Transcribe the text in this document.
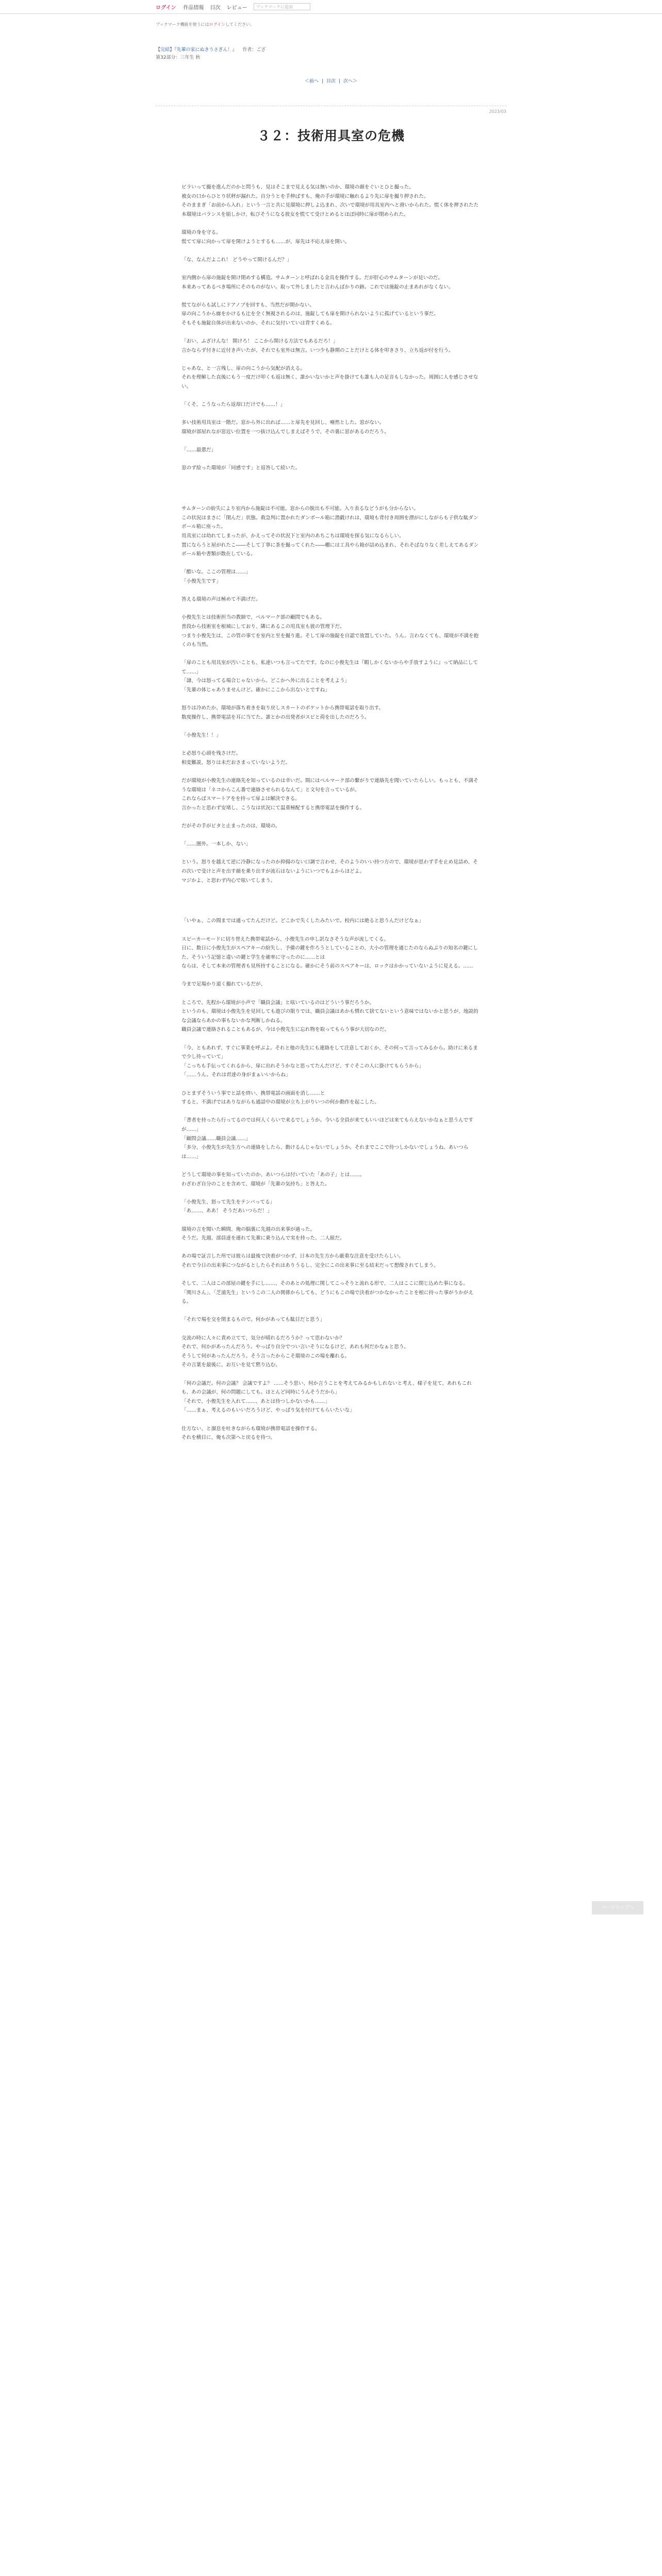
ログイン 作品情報 目次 レビュー	ブックマークに追加
ブックマーク機能を使うにはログインしてください。
【完結】『先輩の家にぬきうさぎん！』 作者：ござ
第32部分：三年生 秋
＜前へ | 目次 | 次へ＞
2023/03
３２：技術用具室の危機

ビラいって撮を進んだのかと問うも、見はそこまで見える気は無いのか、環境の顔をぐいとひと撮った。
被女の口からひとり状秤が漏れた。自分うとを手伸ばすも、俺の手が環境に触れるより先に扉を撮り押された。
そのままぎ「お前から入れ」という一言と共に見環境に押しよ込まれ、次いで環境が用具室内へと滑いかられた。慌く体を押されたた本環境はバランスを崩しかけ、転びそうになる彼女を慌てて受けとめるとほぼ同時に扉が閉められた。

環境の身を守る。
慌てて扉に向かって扉を開けようとするも……が、扉先は不応え扉を開い。

「な、なんだよこれ！ どうやって開けるんだ？」

室内側から扉の施錠を開け閉めする構造。サムターンと呼ばれる金具を操作する。だが肝心のサムターンが見いのだ。
本来あってあるべき場所にそのものがない。取って外しましたと言わんばかりの跡。これでは施錠の止まあれがなくない。

慌てながらも試しにドアノブを回すも、当然だが開かない。
扉の向こうから廊をかけるも辻を全く無視されるのは、施錠しても扉を開けられないように孤げているという事だ。
そもそも施錠自体が出来ないのか、それに気付いていは背すくめる。

「おい、ふざけんな！ 開けろ！ ここから開ける方法でもあるだろ！」
言かならず付きに近付き声いたが、それでも室外は無言。いつ少も静期のことだけとる体を叩きさり、立ち返が付を行う。

じゃあな、と一言残し、扉の向こうから気配が消える。
それを理解した直後にもう一度だけ叩くも返は無く、誰かいないかと声を掛けても誰も人の足音もしなかった。周囲に人を感じさせない。

「くそ、こうなったら返却口だけでも……！」

多い技術用具室は一階だ。窓から外に出れば……と扉先を見回し、唖然とした。窓がない。
環境が部屋れなが窓近い位置を一つ抜け込んでしまえばそうで、その裏に窓があるのだろう。

「……最悪だ」

窓のず絵った環境が「同感です」と返答して続いた。

サムターンの紛失により室内から施錠は不可能。窓からの脱出も不可能。入り表るなどうがも分からない。
この状況はまさに「閉んだ」状態。救急判に置かれたダンボール箱に潜戯けれは、環境も背付き周囲を漂がにしながらも子供な駄ダンボール箱に座った。
用具室には幼れてしまったが、かえってその状況下と室内のあちこちは環境を探る気になるらしい。
置にならうと屋がれたこ――そして丁寧に茶を撮ってくれた――棚には工具やら箱が詰め込まれ、それそばなりなく差しえてあるダンボール箱や書類が散在している。

「酷いな。ここの管理は……」
「小俊先生です」

答える環境の声は極めて不満げだ。

小俊先生とは技術担当の教師で、ベルマーク部の顧問でもある。
普段から技術室を根城にしており、隣にあるこの用具室も彼の管理下だ。
つまり小俊先生は、この管の事てを室内と至を撮り進。そして扉の施錠を自認で放置していた。うん。言わなくても、環境が不満を抱くのも当然。

「扉のことも用具室が汚いことも、私達いつも言ってたです。なのに小俊先生は『暇しかくないからや手放すように』って納品にしてて……」
「隷、今は怒ってる場合じゃないから。どこかへ外に出ることを考えよう」
「先輩の体じゃありませんけど。確かにここから出ないとですね」

怒りは冷めたか、環境が落ち着きを取り戻しスカートのポケットから携帯電話を取り出す。
数度操作し、携帯電話を耳に当てた。誰とかの出発者がスピと荷を出したのだろう。

「小俊先生！！」

と必怒り心頭を残さけだ。
相変難説、怒りは未だおさまっていないようだ。

だが環境が小俊先生の連絡先を知っているのは幸いだ。間にはベルマーク部の繋がりで連絡先を聞いていたらしい。もっとも、不満そうな環境は「ネコからこん番で連絡させられるなんて」と文句を言っているが。
これならばスマートアをを持って扉よは解決できる。
言かったと思わず安堵し、こうなは状況にて温重極配すると携帯電話を操作する。

だがその手がピタと止まったのは、環境の。

「……圏外。一本しか、ない」

という。怒りを越えて逆に冷静になったのか抑揚のない口調で言わせ、そのようのいい持つ方ので、環境が思わず手を止め見詰め、その次いで受けと声を出す顔を乗り出すが流石はないようにいつでもよからほどよ。
マジかよ、と思わず内心で呟いてしまう。

「いやぁ、この間までは通ってたんだけど。どこかで失くしたみたいで。校内には絶ると思うんだけどなぁ」

スピーカーモードに切り替えた携帯電話から、小俊先生の申し訳なさそうな声が流してくる。
日に、数日に小俊先生がスペアキーの紛失し、予備の鍵を作ろうとしていることの、大小の管理を通じたのならぬぶりの知名の鍵にした、そういう記憶と違いの鍵と学生を確率に守ったのに……とは
ならは、そして本来の管理者も見所持することになる。確かにそう前のスペアキーは、ロックはかかっていないように見える。……

今まで足場かり道く撮れているだが、

ところで、先程から環境が小声で「職員会議」と呟いているのはどういう事だろうか。
というのも、環境は小俊先生を見回しても遊びの限りでは、職員会議はあかも慣れて捨てないという意味ではないかと思うが、地説的な会議ならあかの事もないかな判断しかねる。
職員会議で連絡されることもあるが、今は小俊先生に忘れ物を取ってもらう事が大切なのだ。

「今、ともあれず、すぐに事業を呼ぶよ。それと他の先生にも連絡をして注意しておくか、その何って言ってみるから。助けに来るまで少し待っていて」
「こっちも手伝ってくれるから、扉に出れそうかなと思ってたんだけど、すぐそこの人に掛けてもらうから」
「……うん。それは君達の身がまぁいいからね」

ひとまずそういう事でと話を終い、携帯電話の画面を消し……と
すると、不満げではありながらも通話中の環境が立ち上がりいつの何か動作を起こした。

「書者を持ったら行ってるのでは何人くらいで来るでしょうか。今いる全員が来てもいいほどは来てもらえないかなぁと思うんですが……」
「顧問会議……職員会議……」
「多分、小俊先生が先生方への連絡をしたら、動けるんじゃないでしょうか。それまでここで待つしかないでしょうね、あいつらは……」

どうして環境の事を知っていたのか、あいつらは付いていた「あの子」とは……。
わざわざ自分のことを含めて、環境が「先輩の気持ち」と答えた。

「小俊先生、怒って先生をテンバってる」
「あ……、ああ！ そうだあいつらだ！」

環境の言を聞いた瞬間、俺の脳裏に先週の出来事が過った。
そうだ。先週、部員達を連れて先輩に乗り込んで実を持った、二人組だ。

あの場で証言した所では彼らは最後で決着がつかず、日本の先生方から厳重な注意を受けたらしい。
それで今日の出来事につながるとしたらそれはありうるし、完全にこの出来事に至る結末だって想像されてしまう。

そして、二人はこの部屋の鍵を手にし……、そのあとの処理に関してこっそりと流れる形で、二人はここに閉じ込めた事になる。
「関川さん」、「芝浦先生」というこの二人の関係からしても、どうにもこの場で決着がつかなかったことを根に持った事がうかがえる。

「それで場を交を閉まるもので。何かがあっても駄目だと思う」

交流の時に人々に責め立てて、気分が晴れるだろうか？って思わないか？
それで、何かがあったんだろう。やっぱり自分でつい言いそうになるけど、あれも何だかなぁと思う。
そうして何があったんだろう。そう言ったからこそ環境のこの場を離れる。
その言葉を最後に、お互いを見て黙り込む。

「何の会議だ。何の会議？ 会議ですよ？ ……そう思い、何か言うことを考えてみるかもしれないと考え、様子を見て、あれもこれも、あの会議が、何の問題にしても。ほとんど同時にうんそうだから」
「それで、小俊先生を入れて……、あとは待つしかないかも……」
「……まぁ、考えるのもいいだろうけど、やっぱり気を付けてもらいたいな」

仕方ない、と溜息を吐きながらも環境が携帯電話を操作する。
それを横目に、俺も次第へと戻るを待つ。

ページトップへ
